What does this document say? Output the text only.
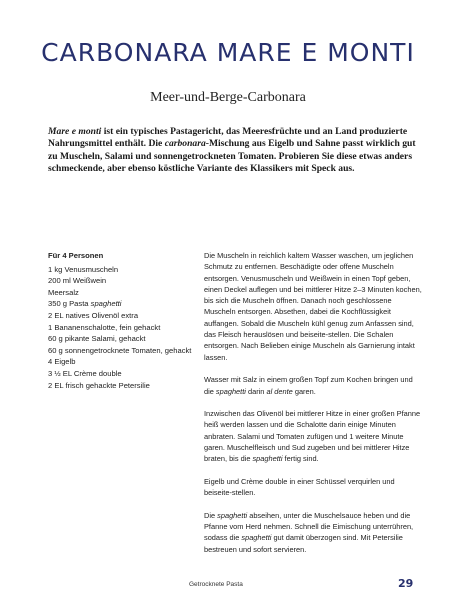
CARBONARA MARE E MONTI
Meer-und-Berge-Carbonara
Mare e monti ist ein typisches Pastagericht, das Meeresfrüchte und an Land produzierte Nahrungsmittel enthält. Die carbonara-Mischung aus Eigelb und Sahne passt wirklich gut zu Muscheln, Salami und sonnengetrockneten Tomaten. Probieren Sie diese etwas anders schmeckende, aber ebenso köstliche Variante des Klassikers mit Speck aus.
Für 4 Personen
1 kg Venusmuscheln
200 ml Weißwein
Meersalz
350 g Pasta spaghetti
2 EL natives Olivenöl extra
1 Bananenschalotte, fein gehackt
60 g pikante Salami, gehackt
60 g sonnengetrocknete Tomaten, gehackt
4 Eigelb
3 ½ EL Crème double
2 EL frisch gehackte Petersilie

Die Muscheln in reichlich kaltem Wasser waschen, um jeglichen Schmutz zu entfernen. Beschädigte oder offene Muscheln entsorgen. Venusmuscheln und Weißwein in einen Topf geben, einen Deckel auflegen und bei mittlerer Hitze 2–3 Minuten kochen, bis sich die Muscheln öffnen. Danach noch geschlossene Muscheln entsorgen. Absethen, dabei die Kochflüssigkeit auffangen. Sobald die Muscheln kühl genug zum Anfassen sind, das Fleisch herauslösen und beiseite-stellen. Die Schalen entsorgen. Nach Belieben einige Muscheln als Garnierung intakt lassen.

Wasser mit Salz in einem großen Topf zum Kochen bringen und die spaghetti darin al dente garen.

Inzwischen das Olivenöl bei mittlerer Hitze in einer großen Pfanne heiß werden lassen und die Schalotte darin einige Minuten anbraten. Salami und Tomaten zufügen und 1 weitere Minute garen. Muschelfleisch und Sud zugeben und bei mittlerer Hitze braten, bis die spaghetti fertig sind.

Eigelb und Crème double in einer Schüssel verquirlen und beiseite-stellen.

Die spaghetti abseihen, unter die Muschelsauce heben und die Pfanne vom Herd nehmen. Schnell die Eimischung unterrühren, sodass die spaghetti gut damit überzogen sind. Mit Petersilie bestreuen und sofort servieren.

Getrocknete Pasta	29
